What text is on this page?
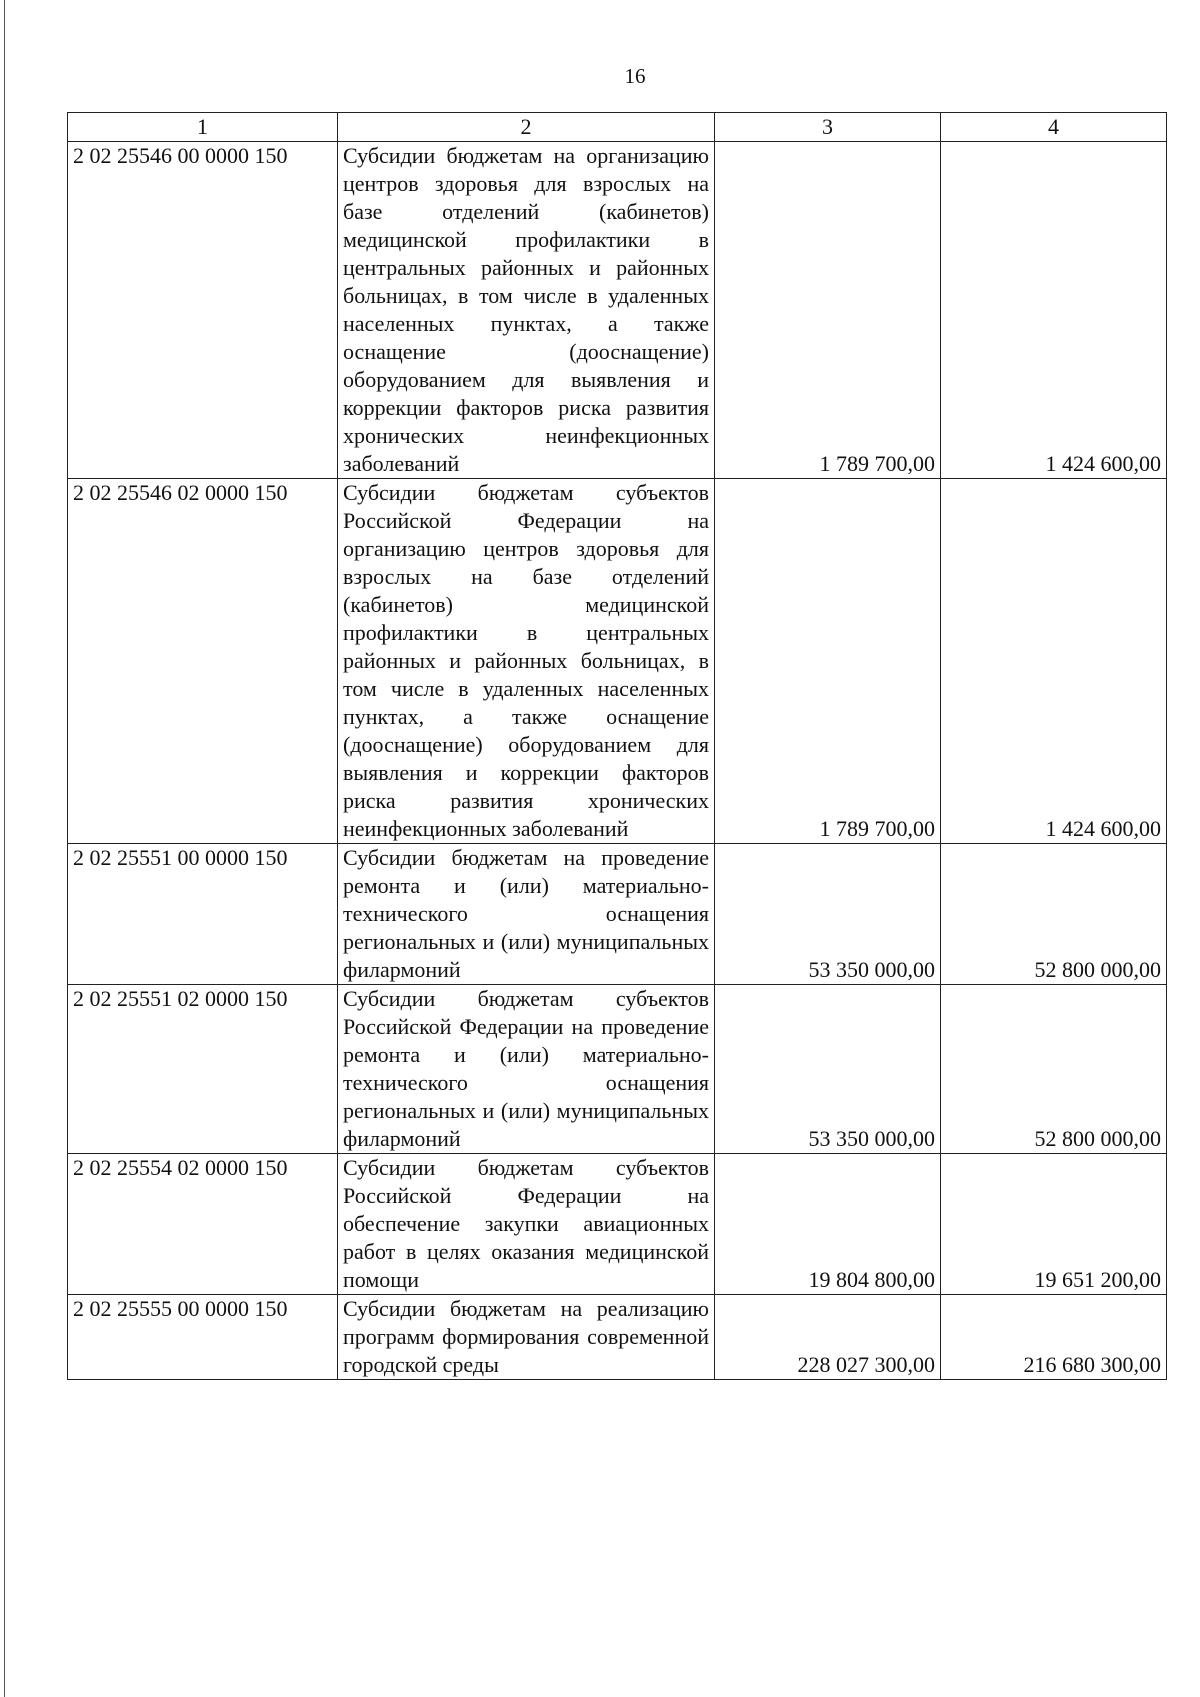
16
1	2	3	4
2 02 25546 00 0000 150	Субсидии бюджетам на организацию центров здоровья для взрослых на базе отделений (кабинетов) медицинской профилактики в центральных районных и районных больницах, в том числе в удаленных населенных пунктах, а также оснащение (дооснащение) оборудованием для выявления и коррекции факторов риска развития хронических неинфекционных заболеваний	1 789 700,00	1 424 600,00
2 02 25546 02 0000 150	Субсидии бюджетам субъектов Российской Федерации на организацию центров здоровья для взрослых на базе отделений (кабинетов) медицинской профилактики в центральных районных и районных больницах, в том числе в удаленных населенных пунктах, а также оснащение (дооснащение) оборудованием для выявления и коррекции факторов риска развития хронических неинфекционных заболеваний	1 789 700,00	1 424 600,00
2 02 25551 00 0000 150	Субсидии бюджетам на проведение ремонта и (или) материально-технического оснащения региональных и (или) муниципальных филармоний	53 350 000,00	52 800 000,00
2 02 25551 02 0000 150	Субсидии бюджетам субъектов Российской Федерации на проведение ремонта и (или) материально-технического оснащения региональных и (или) муниципальных филармоний	53 350 000,00	52 800 000,00
2 02 25554 02 0000 150	Субсидии бюджетам субъектов Российской Федерации на обеспечение закупки авиационных работ в целях оказания медицинской помощи	19 804 800,00	19 651 200,00
2 02 25555 00 0000 150	Субсидии бюджетам на реализацию программ формирования современной городской среды	228 027 300,00	216 680 300,00
